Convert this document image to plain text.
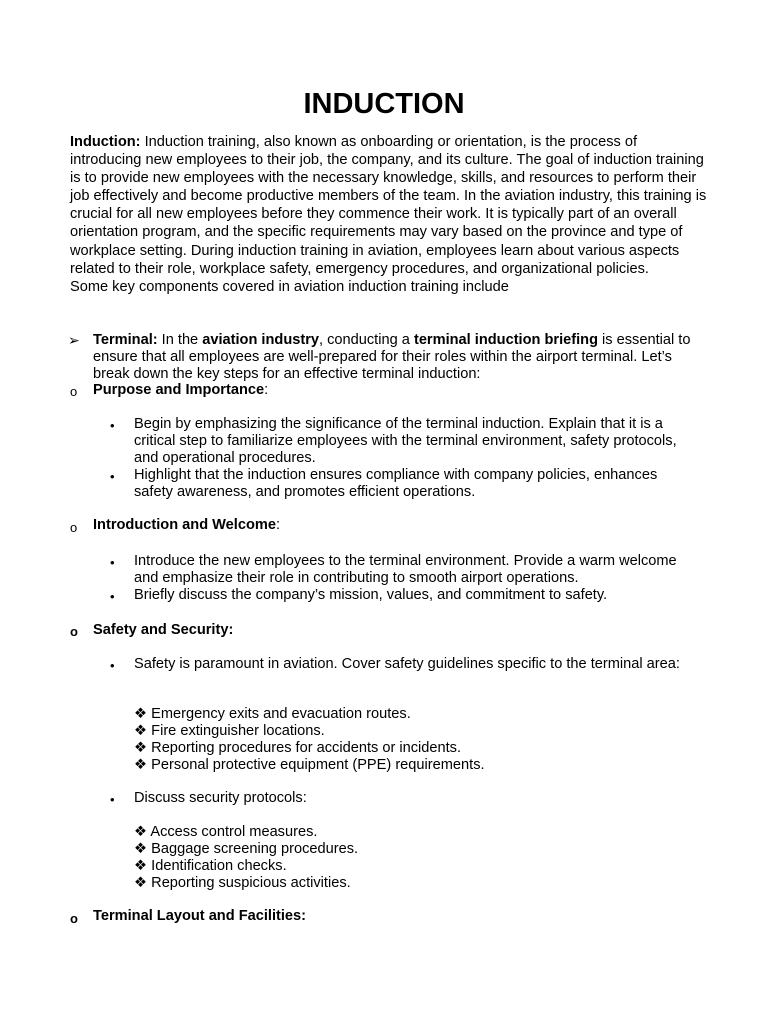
INDUCTION
Induction: Induction training, also known as onboarding or orientation, is the process of introducing new employees to their job, the company, and its culture. The goal of induction training is to provide new employees with the necessary knowledge, skills, and resources to perform their job effectively and become productive members of the team. In the aviation industry, this training is crucial for all new employees before they commence their work. It is typically part of an overall orientation program, and the specific requirements may vary based on the province and type of workplace setting. During induction training in aviation, employees learn about various aspects related to their role, workplace safety, emergency procedures, and organizational policies.
Some key components covered in aviation induction training include
➢ Terminal: In the aviation industry, conducting a terminal induction briefing is essential to ensure that all employees are well-prepared for their roles within the airport terminal. Let’s break down the key steps for an effective terminal induction:
o Purpose and Importance:
• Begin by emphasizing the significance of the terminal induction. Explain that it is a critical step to familiarize employees with the terminal environment, safety protocols, and operational procedures.
• Highlight that the induction ensures compliance with company policies, enhances safety awareness, and promotes efficient operations.
o Introduction and Welcome:
• Introduce the new employees to the terminal environment. Provide a warm welcome and emphasize their role in contributing to smooth airport operations.
• Briefly discuss the company’s mission, values, and commitment to safety.
o Safety and Security:
• Safety is paramount in aviation. Cover safety guidelines specific to the terminal area:
❖ Emergency exits and evacuation routes.
❖ Fire extinguisher locations.
❖ Reporting procedures for accidents or incidents.
❖ Personal protective equipment (PPE) requirements.
• Discuss security protocols:
❖ Access control measures.
❖ Baggage screening procedures.
❖ Identification checks.
❖ Reporting suspicious activities.
o Terminal Layout and Facilities:
